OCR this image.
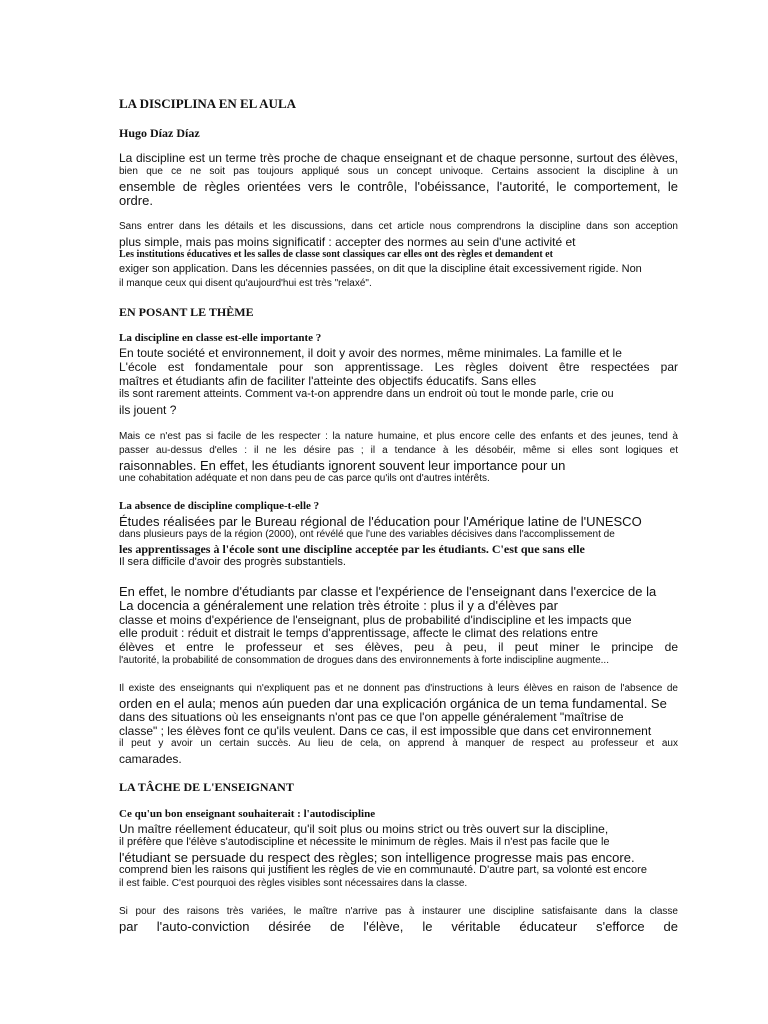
LA DISCIPLINA EN EL AULA
Hugo Díaz Díaz
La discipline est un terme très proche de chaque enseignant et de chaque personne, surtout des élèves,
bien que ce ne soit pas toujours appliqué sous un concept univoque. Certains associent la discipline à un
ensemble de règles orientées vers le contrôle, l'obéissance, l'autorité, le comportement, le
ordre.
Sans entrer dans les détails et les discussions, dans cet article nous comprendrons la discipline dans son acception
plus simple, mais pas moins significatif : accepter des normes au sein d'une activité et
Les institutions éducatives et les salles de classe sont classiques car elles ont des règles et demandent et
exiger son application. Dans les décennies passées, on dit que la discipline était excessivement rigide. Non
il manque ceux qui disent qu'aujourd'hui est très "relaxé".
EN POSANT LE THÈME
La discipline en classe est-elle importante ?
En toute société et environnement, il doit y avoir des normes, même minimales. La famille et le
L'école est fondamentale pour son apprentissage. Les règles doivent être respectées par
maîtres et étudiants afin de faciliter l'atteinte des objectifs éducatifs. Sans elles
ils sont rarement atteints. Comment va-t-on apprendre dans un endroit où tout le monde parle, crie ou
ils jouent ?
Mais ce n'est pas si facile de les respecter : la nature humaine, et plus encore celle des enfants et des jeunes, tend à
passer au-dessus d'elles : il ne les désire pas ; il a tendance à les désobéir, même si elles sont logiques et
raisonnables. En effet, les étudiants ignorent souvent leur importance pour un
une cohabitation adéquate et non dans peu de cas parce qu'ils ont d'autres intérêts.
La absence de discipline complique-t-elle ?
Études réalisées par le Bureau régional de l'éducation pour l'Amérique latine de l'UNESCO
dans plusieurs pays de la région (2000), ont révélé que l'une des variables décisives dans l'accomplissement de
les apprentissages à l'école sont une discipline acceptée par les étudiants. C'est que sans elle
Il sera difficile d'avoir des progrès substantiels.
En effet, le nombre d'étudiants par classe et l'expérience de l'enseignant dans l'exercice de la
La docencia a généralement une relation très étroite : plus il y a d'élèves par
classe et moins d'expérience de l'enseignant, plus de probabilité d'indiscipline et les impacts que
elle produit : réduit et distrait le temps d'apprentissage, affecte le climat des relations entre
élèves et entre le professeur et ses élèves, peu à peu, il peut miner le principe de
l'autorité, la probabilité de consommation de drogues dans des environnements à forte indiscipline augmente...
Il existe des enseignants qui n'expliquent pas et ne donnent pas d'instructions à leurs élèves en raison de l'absence de
orden en el aula; menos aún pueden dar una explicación orgánica de un tema fundamental. Se
dans des situations où les enseignants n'ont pas ce que l'on appelle généralement "maîtrise de
classe" ; les élèves font ce qu'ils veulent. Dans ce cas, il est impossible que dans cet environnement
il peut y avoir un certain succès. Au lieu de cela, on apprend à manquer de respect au professeur et aux
camarades.
LA TÂCHE DE L'ENSEIGNANT
Ce qu'un bon enseignant souhaiterait : l'autodiscipline
Un maître réellement éducateur, qu'il soit plus ou moins strict ou très ouvert sur la discipline,
il préfère que l'élève s'autodiscipline et nécessite le minimum de règles. Mais il n'est pas facile que le
l'étudiant se persuade du respect des règles; son intelligence progresse mais pas encore.
comprend bien les raisons qui justifient les règles de vie en communauté. D'autre part, sa volonté est encore
il est faible. C'est pourquoi des règles visibles sont nécessaires dans la classe.
Si pour des raisons très variées, le maître n'arrive pas à instaurer une discipline satisfaisante dans la classe
par l'auto-conviction désirée de l'élève, le véritable éducateur s'efforce de
